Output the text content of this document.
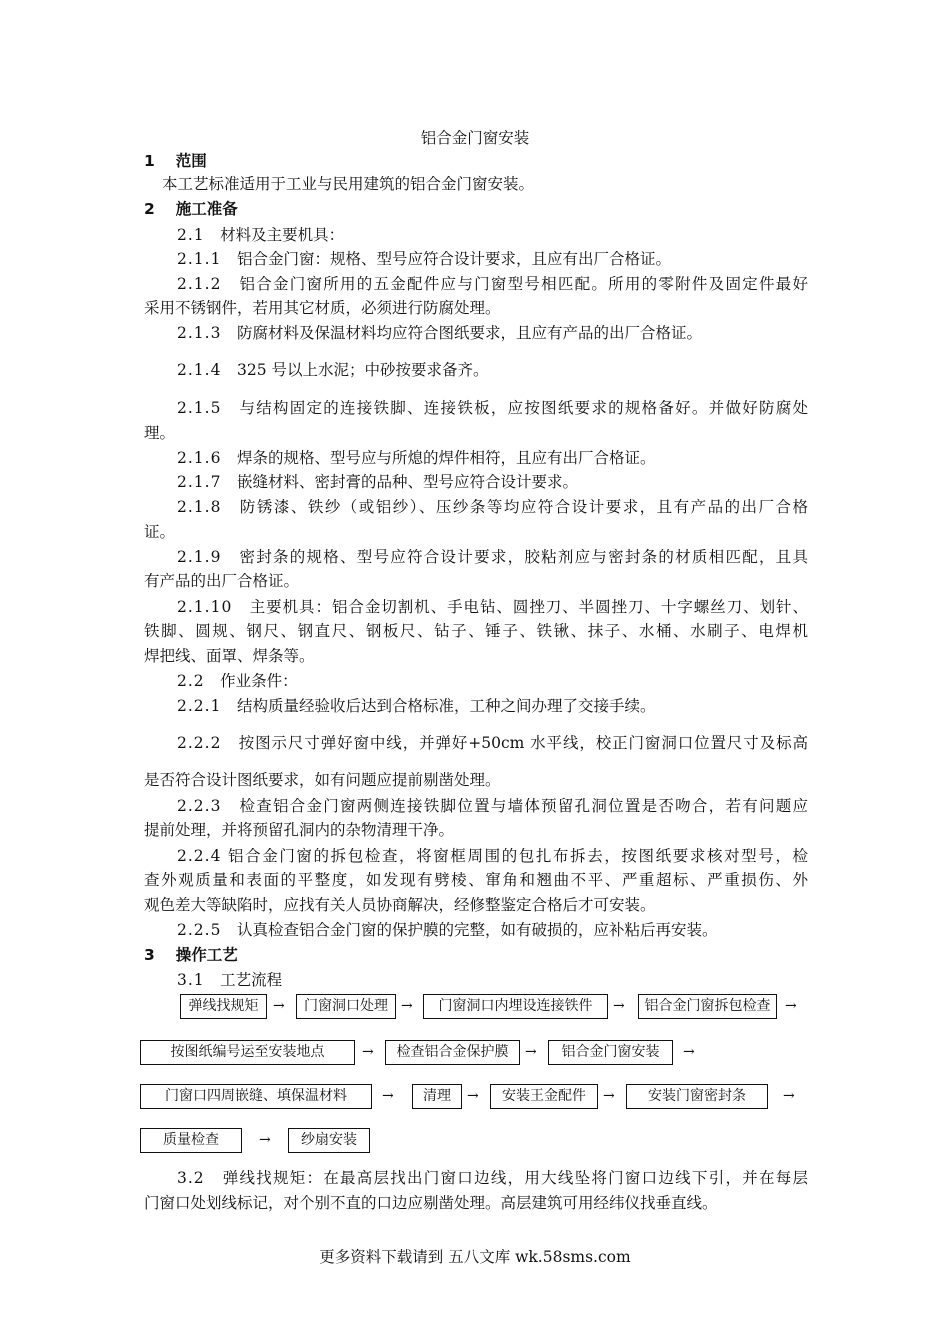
铝合金门窗安装
1　 范围
本工艺标准适用于工业与民用建筑的铝合金门窗安装。
2　 施工准备
2.1　 材料及主要机具：
2.1.1　 铝合金门窗：规格、型号应符合设计要求，且应有出厂合格证。
2.1.2　 铝合金门窗所用的五金配件应与门窗型号相匹配。所用的零附件及固定件最好
采用不锈钢件，若用其它材质，必须进行防腐处理。
2.1.3　 防腐材料及保温材料均应符合图纸要求，且应有产品的出厂合格证。
2.1.4　 325 号以上水泥；中砂按要求备齐。
2.1.5　 与结构固定的连接铁脚、连接铁板，应按图纸要求的规格备好。并做好防腐处
理。
2.1.6　 焊条的规格、型号应与所熄的焊件相符，且应有出厂合格证。
2.1.7　 嵌缝材料、密封膏的品种、型号应符合设计要求。
2.1.8　 防锈漆、铁纱（或铝纱）、压纱条等均应符合设计要求，且有产品的出厂合格
证。
2.1.9　 密封条的规格、型号应符合设计要求，胶粘剂应与密封条的材质相匹配，且具
有产品的出厂合格证。
2.1.10　 主要机具：铝合金切割机、手电钻、圆挫刀、半圆挫刀、十字螺丝刀、划针、
铁脚、圆规、钢尺、钢直尺、钢板尺、钻子、锤子、铁锹、抹子、水桶、水刷子、电焊机
焊把线、面罩、焊条等。
2.2　 作业条件：
2.2.1　 结构质量经验收后达到合格标准，工种之间办理了交接手续。
2.2.2　 按图示尺寸弹好窗中线，并弹好+50cm 水平线，校正门窗洞口位置尺寸及标高
是否符合设计图纸要求，如有问题应提前剔凿处理。
2.2.3　 检查铝合金门窗两侧连接铁脚位置与墙体预留孔洞位置是否吻合，若有问题应
提前处理，并将预留孔洞内的杂物清理干净。
2.2.4 铝合金门窗的拆包检查，将窗框周围的包扎布拆去，按图纸要求核对型号，检
查外观质量和表面的平整度，如发现有劈棱、窜角和翘曲不平、严重超标、严重损伤、外
观色差大等缺陷时，应找有关人员协商解决，经修整鉴定合格后才可安装。
2.2.5　 认真检查铝合金门窗的保护膜的完整，如有破损的，应补粘后再安装。
3　 操作工艺
3.1　 工艺流程
弹线找规矩	→	门窗洞口处理 →	门窗洞口内埋设连接铁件	→	铝合金门窗拆包检查	→
按图纸编号运至安装地点	→	检查铝合金保护膜	→	铝合金门窗安装	→
门窗口四周嵌缝、填保温材料	→	清理	→	安装王金配件	→	安装门窗密封条	→
质量检查	→	纱扇安装
3.2　 弹线找规矩：在最高层找出门窗口边线，用大线坠将门窗口边线下引，并在每层
门窗口处划线标记，对个别不直的口边应剔凿处理。高层建筑可用经纬仪找垂直线。
更多资料下载请到 五八文库 wk.58sms.com
